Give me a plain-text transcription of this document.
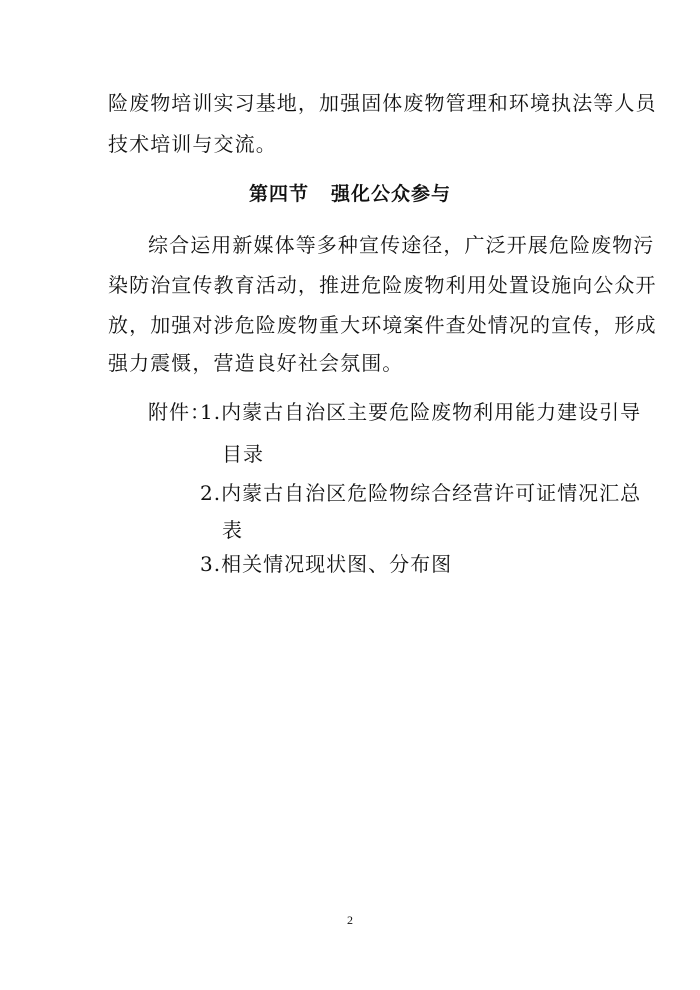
险废物培训实习基地，加强固体废物管理和环境执法等人员
技术培训与交流。
第四节 强化公众参与
综合运用新媒体等多种宣传途径，广泛开展危险废物污
染防治宣传教育活动，推进危险废物利用处置设施向公众开
放，加强对涉危险废物重大环境案件查处情况的宣传，形成
强力震慑，营造良好社会氛围。
附件：
1.内蒙古自治区主要危险废物利用能力建设引导
目录
2.内蒙古自治区危险物综合经营许可证情况汇总
表
3.相关情况现状图、分布图
2
